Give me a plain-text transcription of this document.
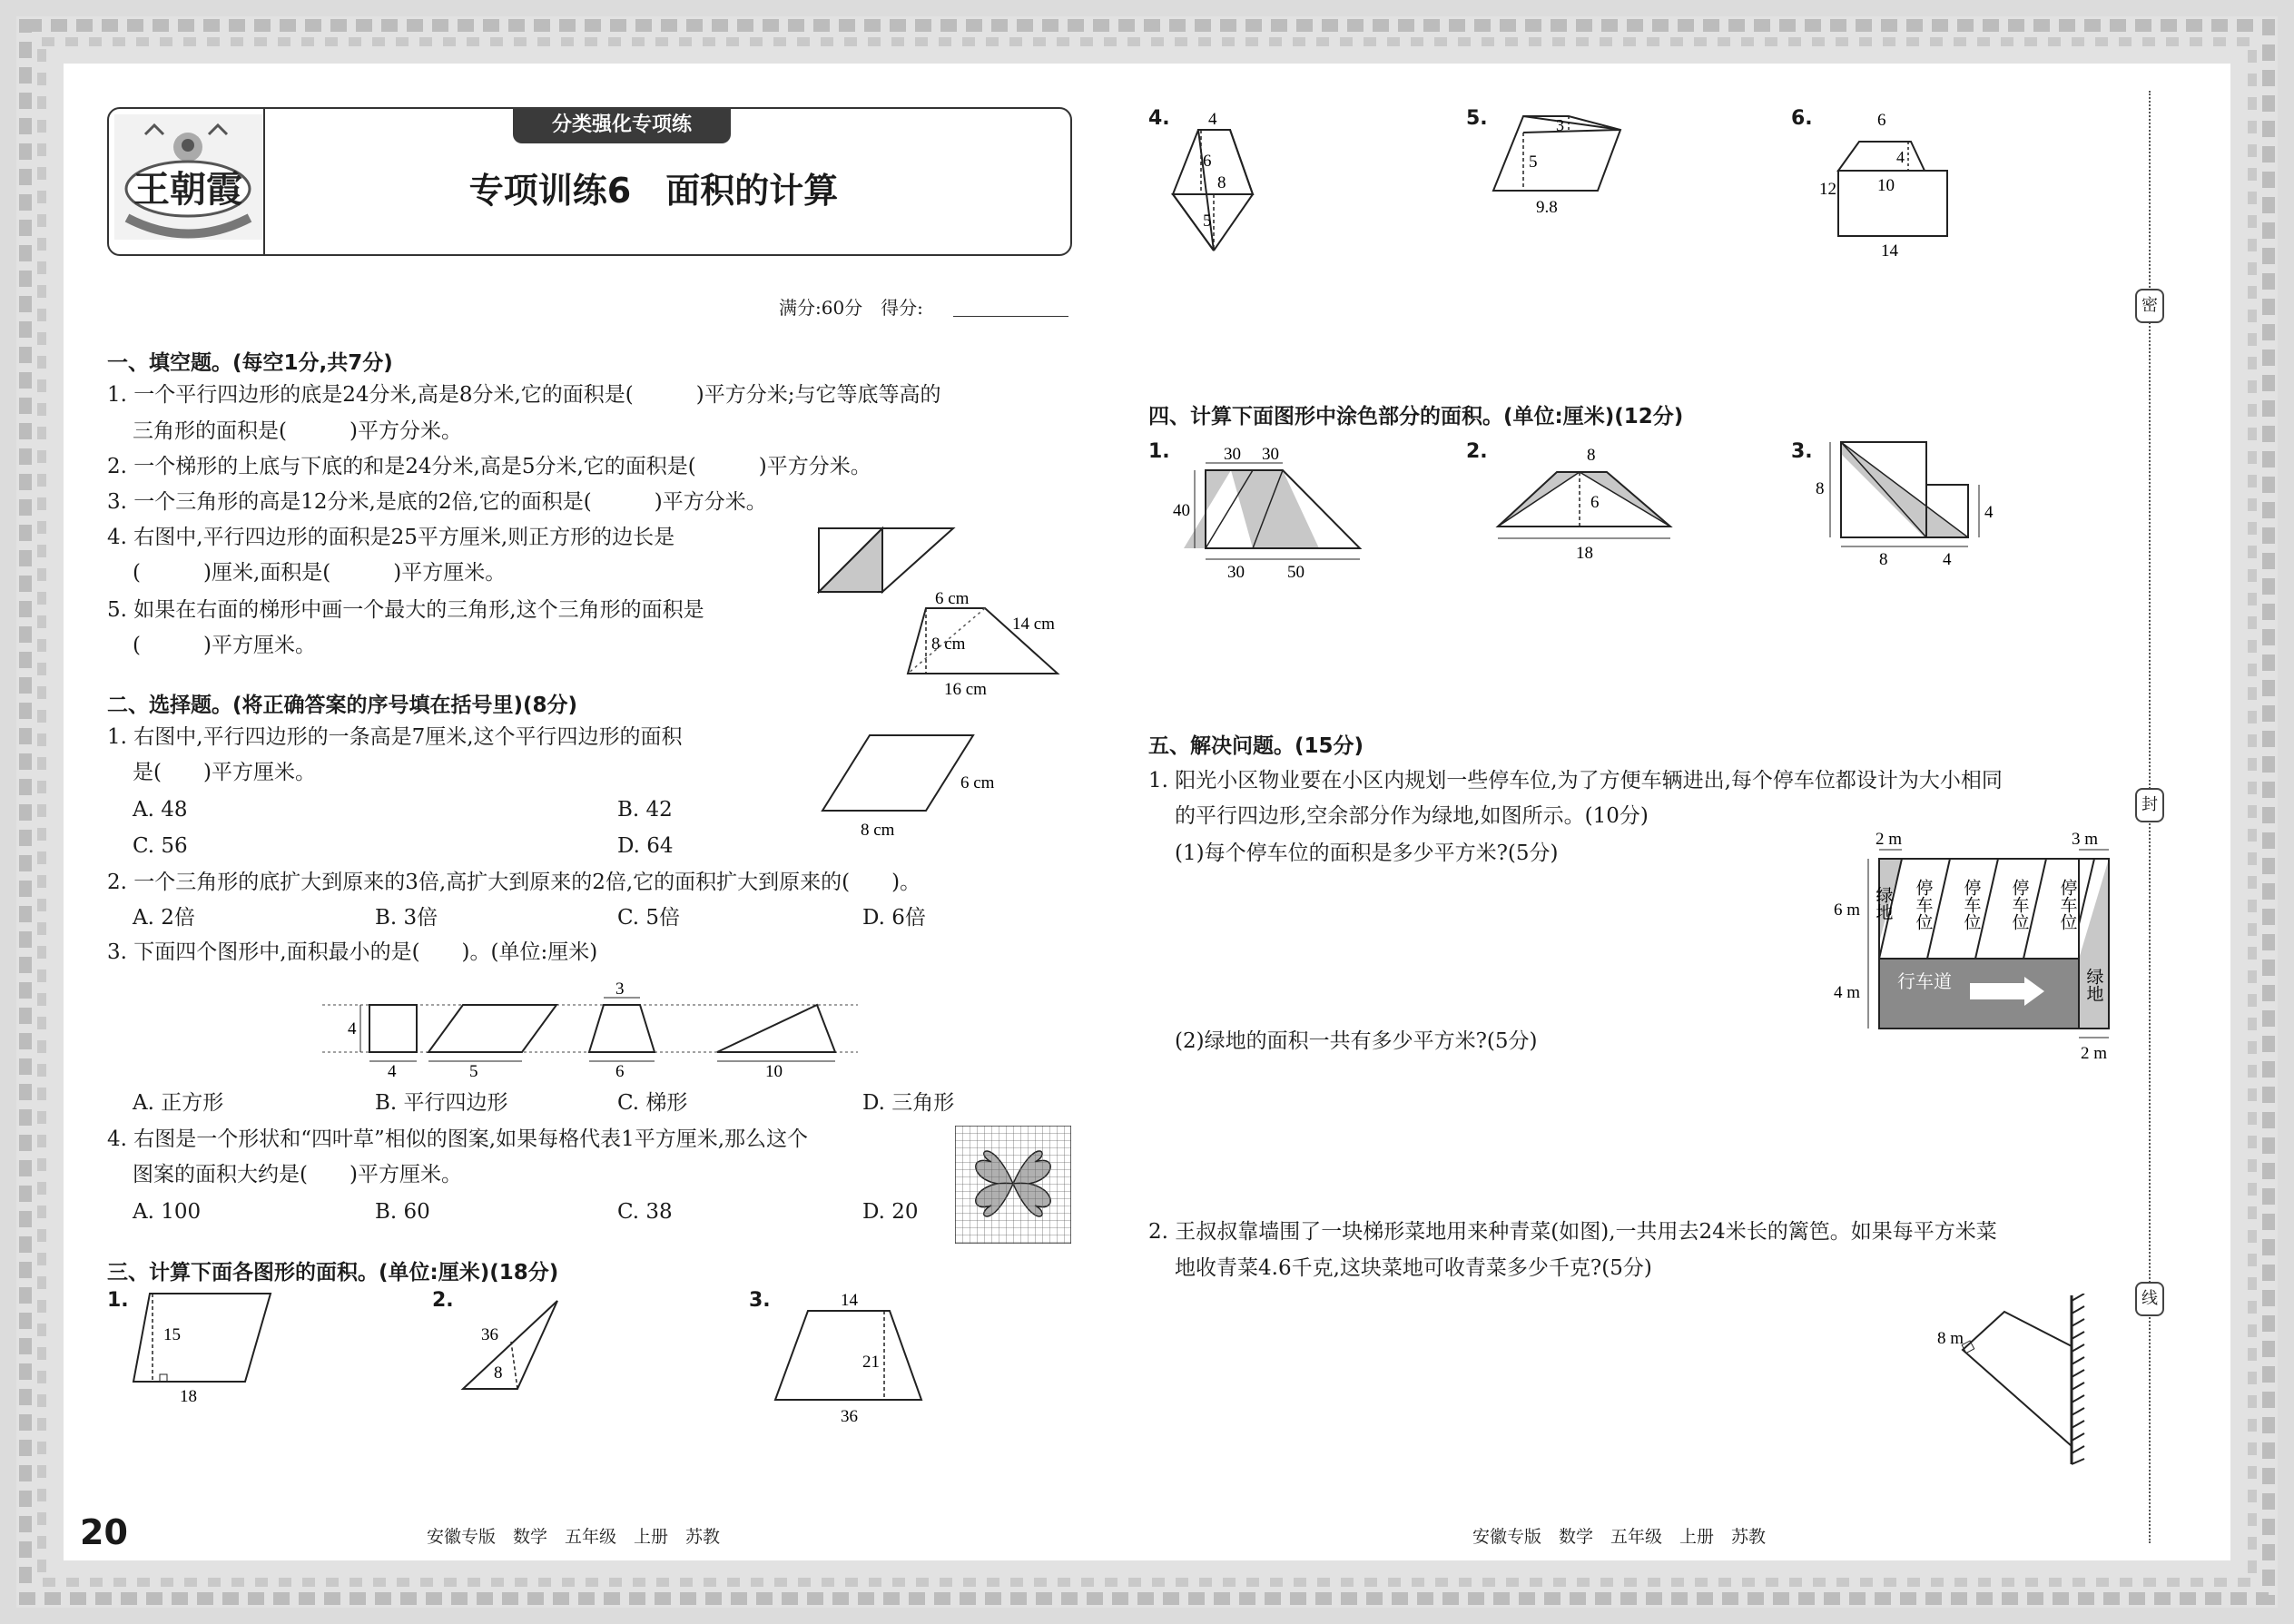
王朝霞
分类强化专项练
专项训练6　面积的计算
满分:60分　得分:
一、填空题。(每空1分,共7分)
1. 一个平行四边形的底是24分米,高是8分米,它的面积是(　　　)平方分米;与它等底等高的
三角形的面积是(　　　)平方分米。
2. 一个梯形的上底与下底的和是24分米,高是5分米,它的面积是(　　　)平方分米。
3. 一个三角形的高是12分米,是底的2倍,它的面积是(　　　)平方分米。
4. 右图中,平行四边形的面积是25平方厘米,则正方形的边长是
(　　　)厘米,面积是(　　　)平方厘米。
5. 如果在右面的梯形中画一个最大的三角形,这个三角形的面积是
(　　　)平方厘米。
6 cm
14 cm
8 cm
16 cm
二、选择题。(将正确答案的序号填在括号里)(8分)
1. 右图中,平行四边形的一条高是7厘米,这个平行四边形的面积
是(　　)平方厘米。
A. 48	B. 42
C. 56	D. 64
6 cm
8 cm
2. 一个三角形的底扩大到原来的3倍,高扩大到原来的2倍,它的面积扩大到原来的(　　)。
A. 2倍	B. 3倍	C. 5倍	D. 6倍
3. 下面四个图形中,面积最小的是(　　)。(单位:厘米)
4
4	5
3
6	10
A. 正方形	B. 平行四边形	C. 梯形	D. 三角形
4. 右图是一个形状和“四叶草”相似的图案,如果每格代表1平方厘米,那么这个
图案的面积大约是(　　)平方厘米。
A. 100	B. 60	C. 38	D. 20
三、计算下面各图形的面积。(单位:厘米)(18分)
1.	2.	3.
15
18
36
8
14
21
36
4.	5.	6.
4
6
8
5
3
5
9.8
6
4
10
12
14
四、计算下面图形中涂色部分的面积。(单位:厘米)(12分)
1.	2.	3.
30 30
40
30 50
8
6
18
8
4
8	4
五、解决问题。(15分)
1. 阳光小区物业要在小区内规划一些停车位,为了方便车辆进出,每个停车位都设计为大小相同
的平行四边形,空余部分作为绿地,如图所示。(10分)
(1)每个停车位的面积是多少平方米?(5分)
(2)绿地的面积一共有多少平方米?(5分)
2 m	3 m
6 m
4 m
2 m
行车道
绿地
绿地
停车位 停车位 停车位 停车位
2. 王叔叔靠墙围了一块梯形菜地用来种青菜(如图),一共用去24米长的篱笆。如果每平方米菜
地收青菜4.6千克,这块菜地可收青菜多少千克?(5分)
8 m
密
封
线
20	安徽专版　数学　五年级　上册　苏教	安徽专版　数学　五年级　上册　苏教
